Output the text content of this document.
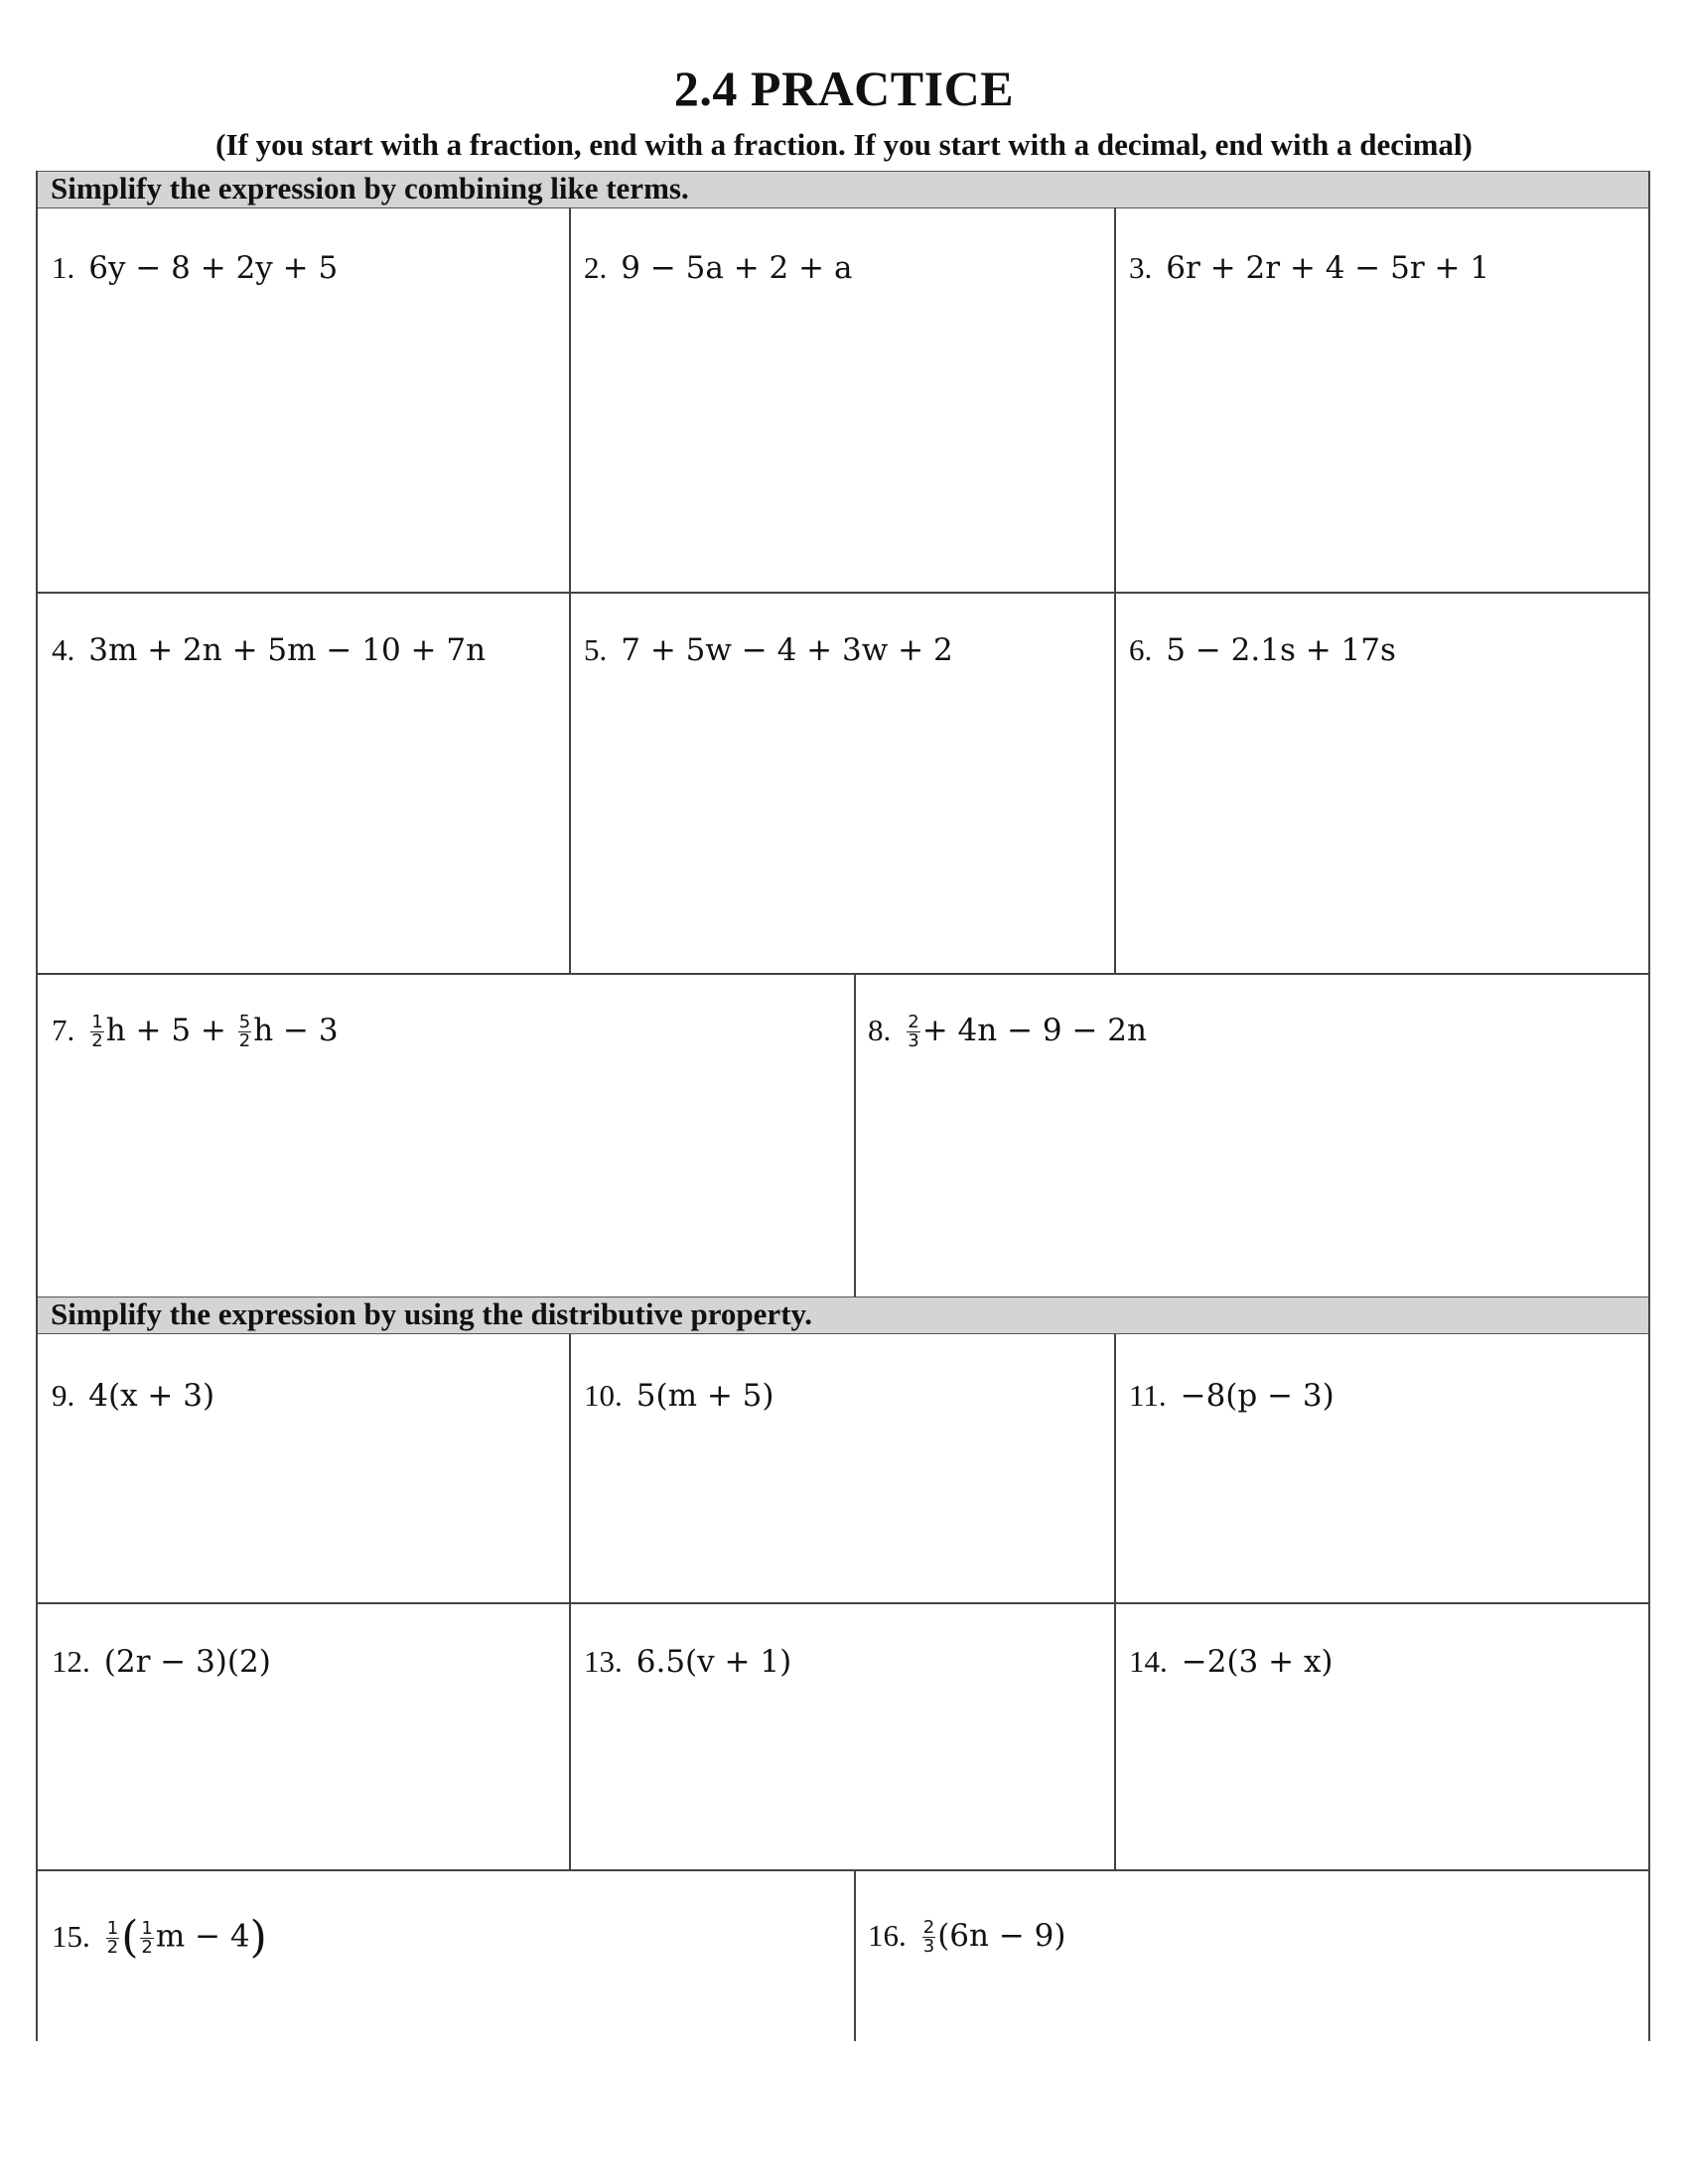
2.4 PRACTICE
(If you start with a fraction, end with a fraction. If you start with a decimal, end with a decimal)
Simplify the expression by combining like terms.
Simplify the expression by using the distributive property.
1. 6y − 8 + 2y + 5	2. 9 − 5a + 2 + a	3. 6r + 2r + 4 − 5r + 1
4. 3m + 2n + 5m − 10 + 7n	5. 7 + 5w − 4 + 3w + 2	6. 5 − 2.1s + 17s
7. $\frac{1}{2}$ $h + 5 + \frac{5}{2}$ h − 3	8. $\frac{2}{3} + 4n - 9 - 2n$
9. 4(x + 3)	10. 5(m + 5)	11. −8(p − 3)
12. (2r − 3)(2)	13. 6.5(v + 1)	14. −2(3 + x)
15. $\frac{1}{2}$ ( $\frac{1}{2}$ m − 4)	16. $\frac{2}{3} (6n - 9)$
